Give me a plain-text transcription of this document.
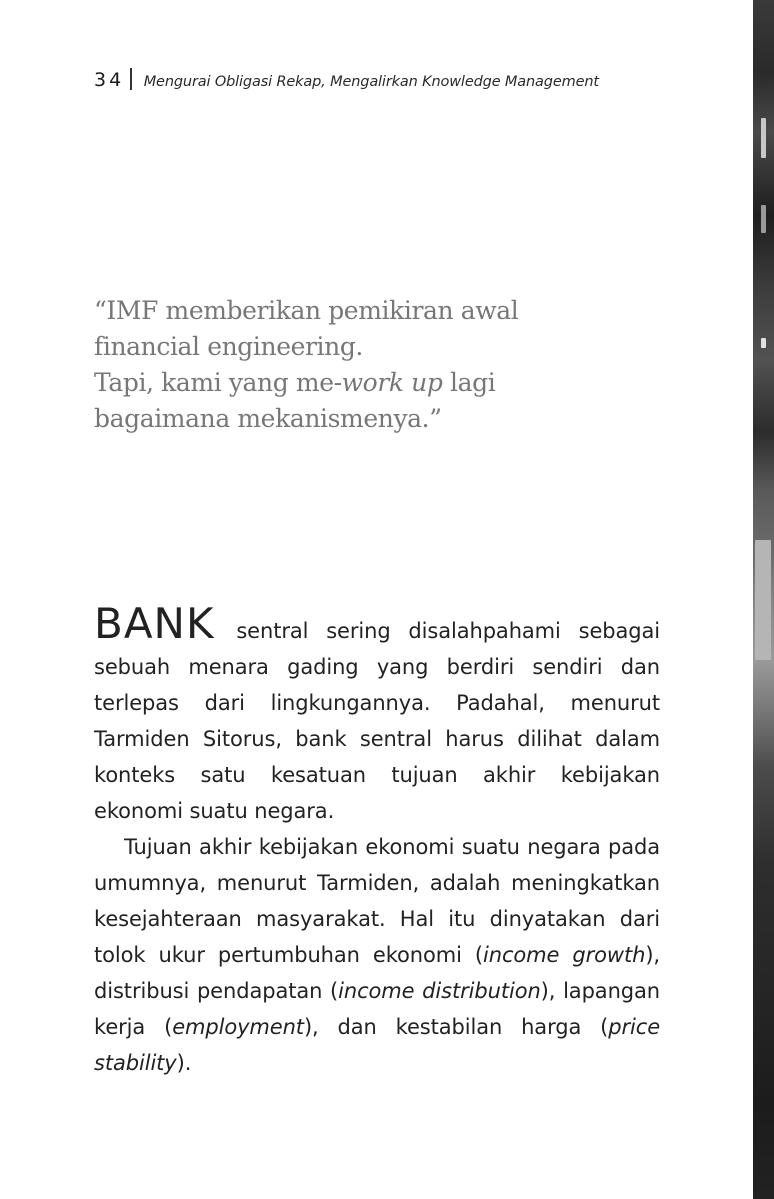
34 Mengurai Obligasi Rekap, Mengalirkan Knowledge Management
“IMF memberikan pemikiran awal
financial engineering.
Tapi, kami yang me-work up lagi
bagaimana mekanismenya.”

BANK sentral sering disalahpahami sebagai sebuah menara gading yang berdiri sendiri dan terlepas dari lingkungannya. Padahal, menurut Tarmiden Sitorus, bank sentral harus dilihat dalam konteks satu kesatuan tujuan akhir kebijakan ekonomi suatu negara.

Tujuan akhir kebijakan ekonomi suatu negara pada umumnya, menurut Tarmiden, adalah meningkatkan kesejahteraan masyarakat. Hal itu dinyatakan dari tolok ukur pertumbuhan ekonomi (income growth), distribusi pendapatan (income distribution), lapangan kerja (employment), dan kestabilan harga (price stability).
